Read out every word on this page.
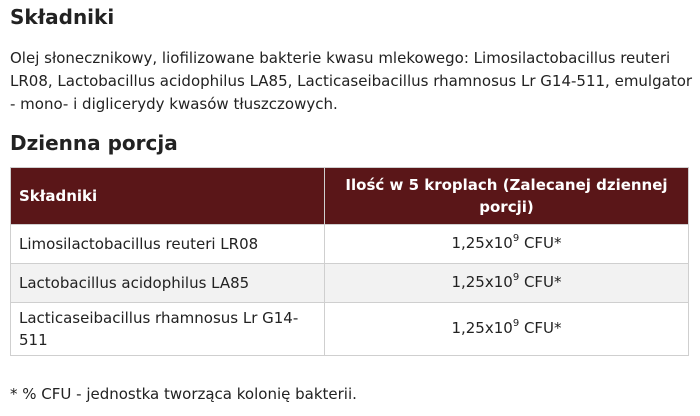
Składniki
Olej słonecznikowy, liofilizowane bakterie kwasu mlekowego: Limosilactobacillus reuteri LR08, Lactobacillus acidophilus LA85, Lacticaseibacillus rhamnosus Lr G14-511, emulgator - mono- i diglicerydy kwasów tłuszczowych.
Dzienna porcja
Składniki	Ilość w 5 kroplach (Zalecanej dziennej porcji)
Limosilactobacillus reuteri LR08	$1,25x10^9$ CFU*
Lactobacillus acidophilus LA85	$1,25x10^9$ CFU*
Lacticaseibacillus rhamnosus Lr G14-511	$1,25x10^9$ CFU*
* % CFU - jednostka tworząca kolonię bakterii.
